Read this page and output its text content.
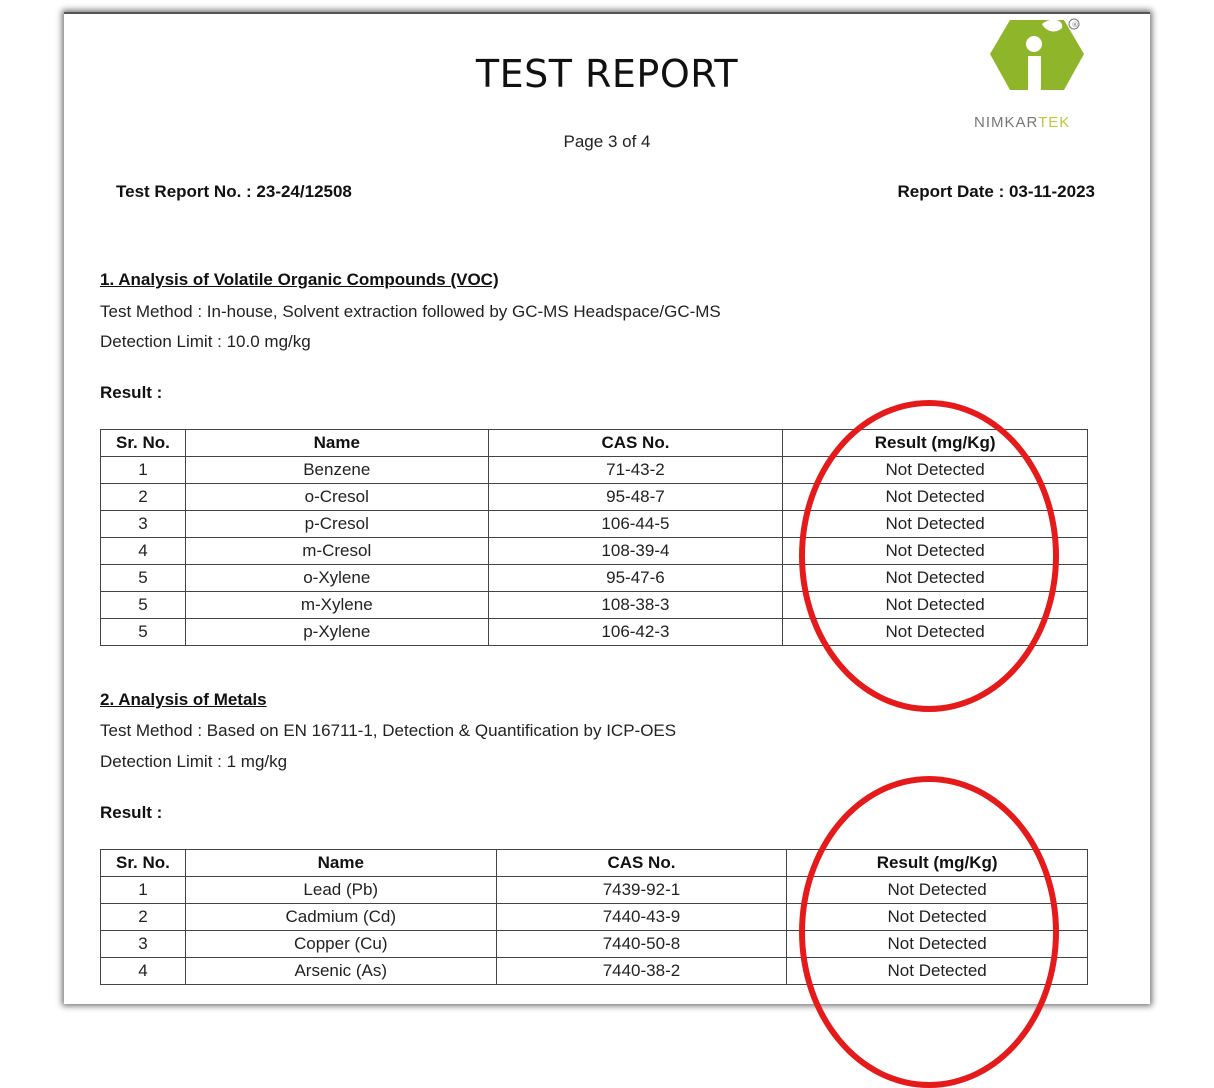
TEST REPORT
Page 3 of 4
®
NIMKARTEK
Test Report No. : 23-24/12508	Report Date : 03-11-2023
1. Analysis of Volatile Organic Compounds (VOC)
Test Method : In-house, Solvent extraction followed by GC-MS Headspace/GC-MS
Detection Limit : 10.0 mg/kg
Result :
Sr. No.	Name	CAS No.	Result (mg/Kg)
1	Benzene	71-43-2	Not Detected
2	o-Cresol	95-48-7	Not Detected
3	p-Cresol	106-44-5	Not Detected
4	m-Cresol	108-39-4	Not Detected
5	o-Xylene	95-47-6	Not Detected
5	m-Xylene	108-38-3	Not Detected
5	p-Xylene	106-42-3	Not Detected
2. Analysis of Metals
Test Method : Based on EN 16711-1, Detection & Quantification by ICP-OES
Detection Limit : 1 mg/kg
Result :
Sr. No.	Name	CAS No.	Result (mg/Kg)
1	Lead (Pb)	7439-92-1	Not Detected
2	Cadmium (Cd)	7440-43-9	Not Detected
3	Copper (Cu)	7440-50-8	Not Detected
4	Arsenic (As)	7440-38-2	Not Detected
